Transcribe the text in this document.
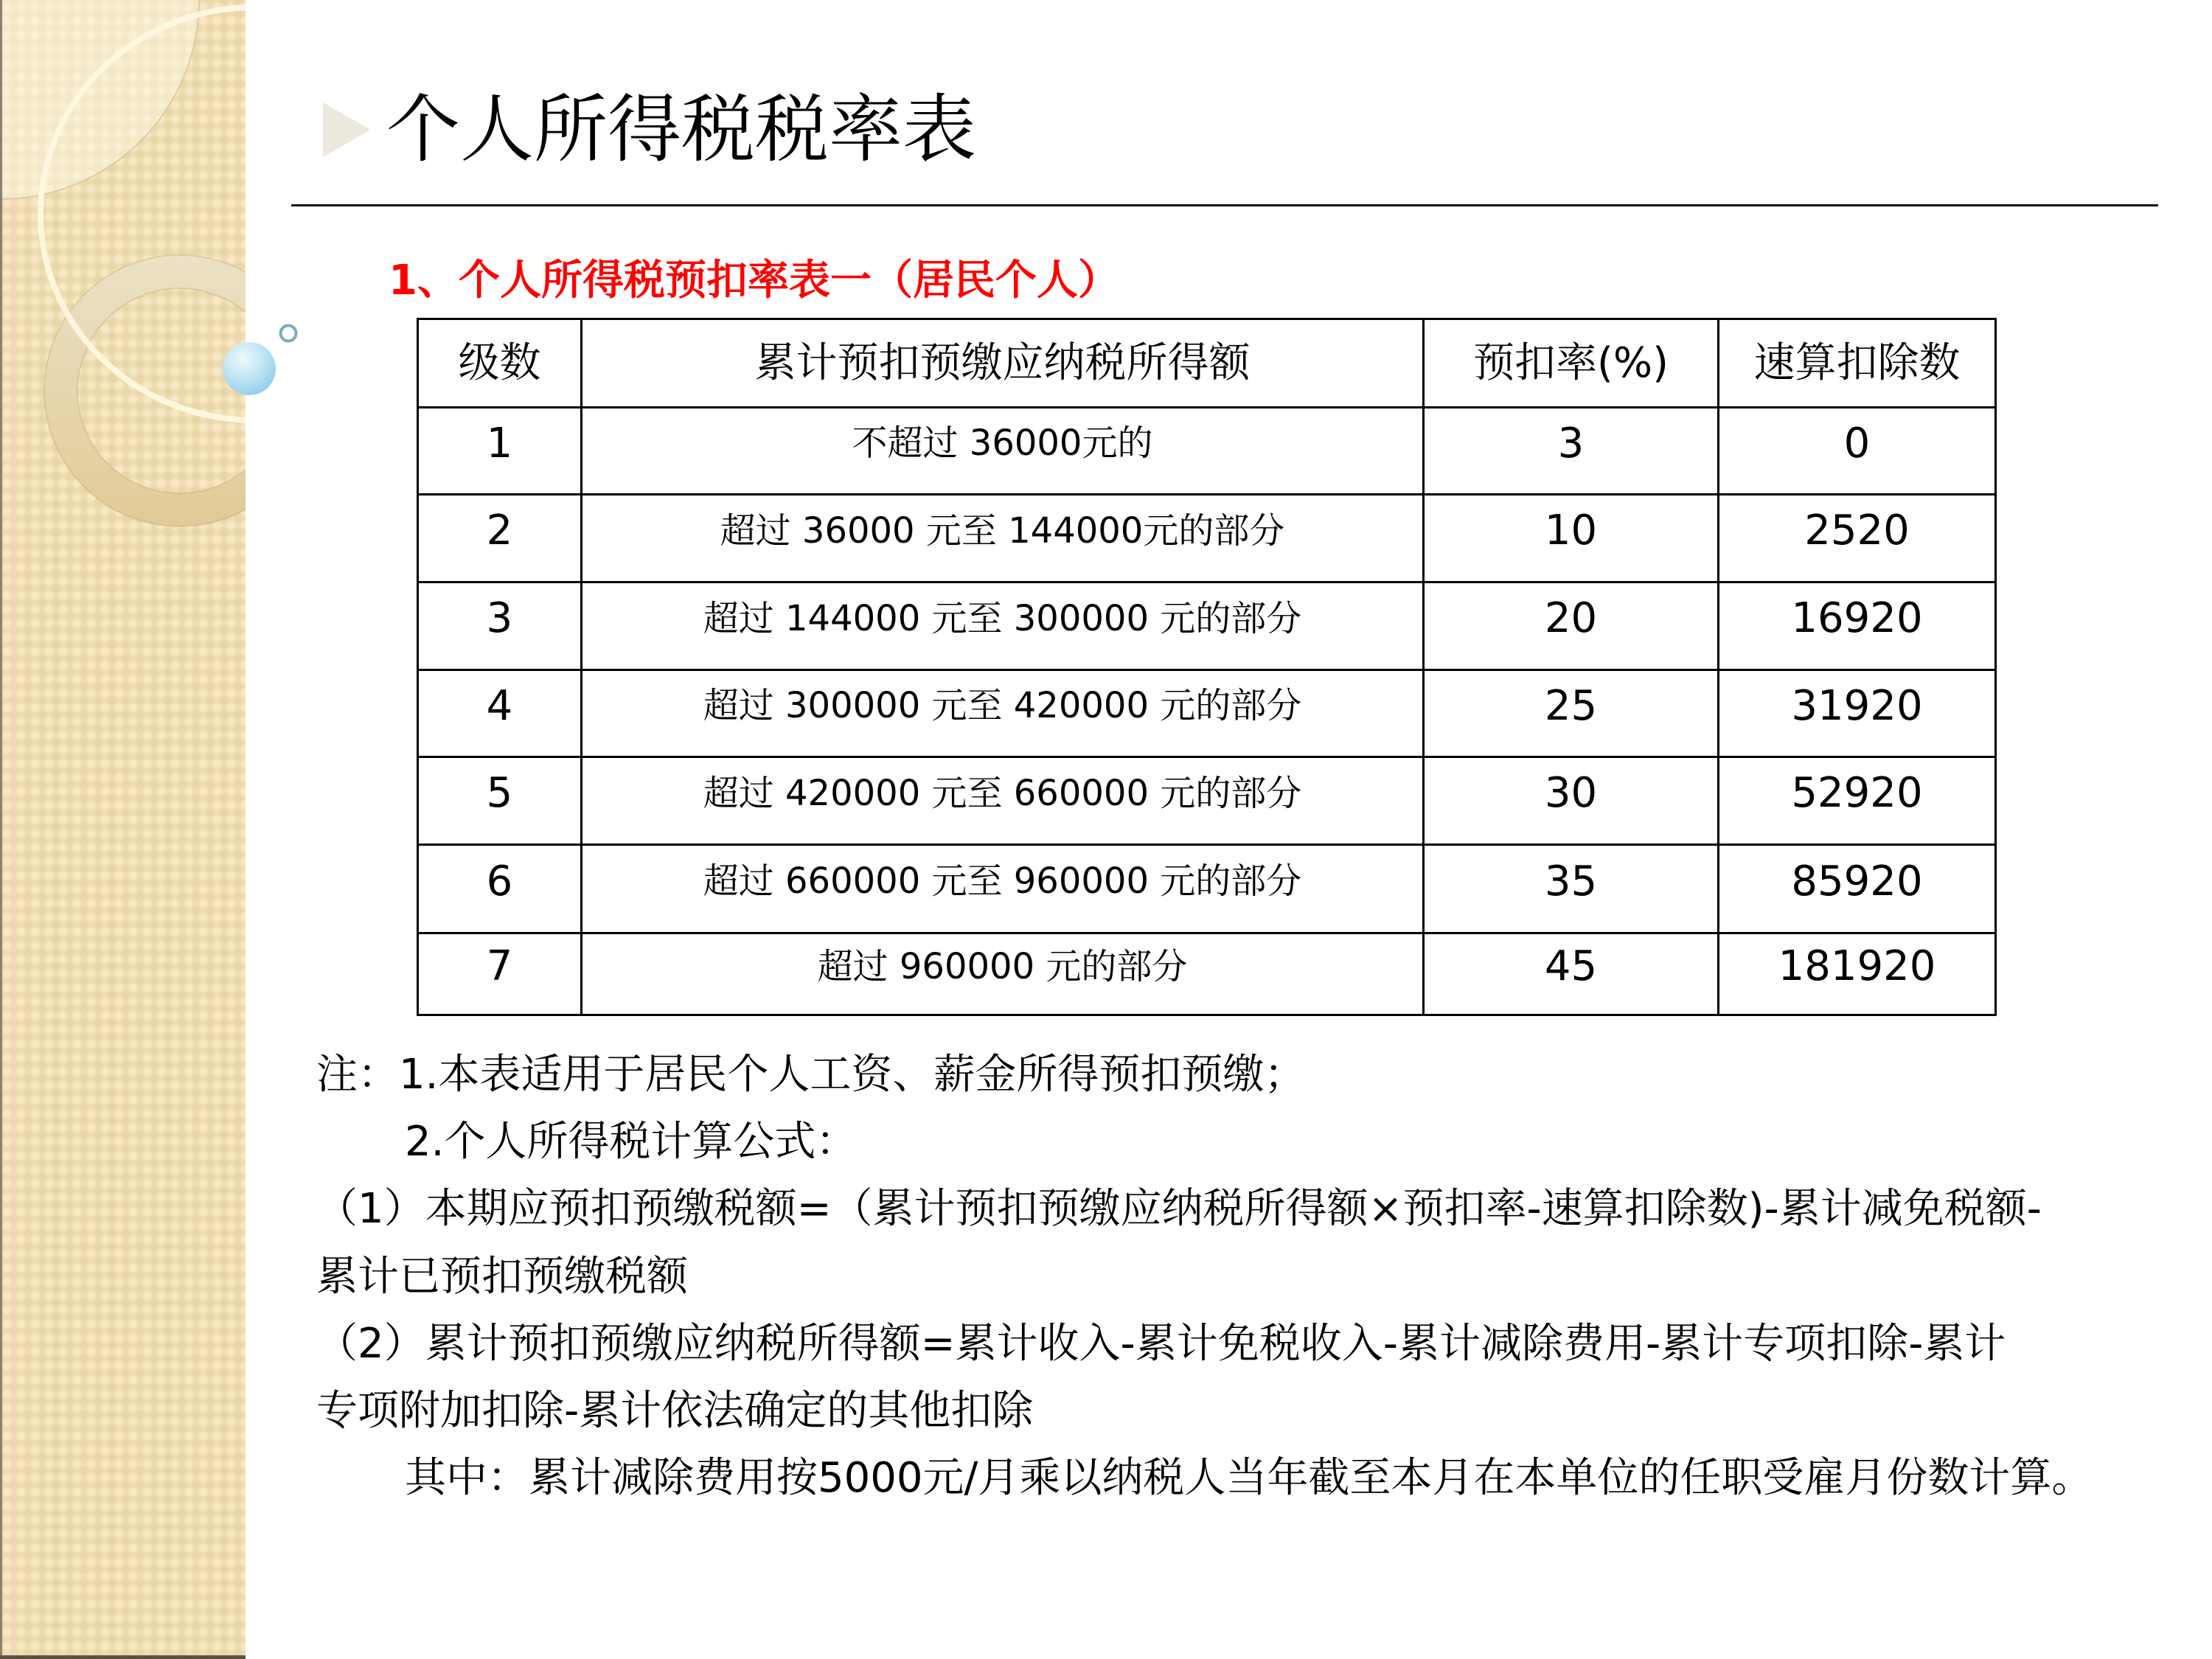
个人所得税税率表
1、个人所得税预扣率表一（居民个人）
级数	累计预扣预缴应纳税所得额	预扣率(%)	速算扣除数
1	不超过 36000元的	3	0
2	超过 36000 元至 144000元的部分	10	2520
3	超过 144000 元至 300000 元的部分	20	16920
4	超过 300000 元至 420000 元的部分	25	31920
5	超过 420000 元至 660000 元的部分	30	52920
6	超过 660000 元至 960000 元的部分	35	85920
7	超过 960000 元的部分	45	181920
注：1.本表适用于居民个人工资、薪金所得预扣预缴；
2.个人所得税计算公式：
（1）本期应预扣预缴税额=（累计预扣预缴应纳税所得额×预扣率-速算扣除数)-累计减免税额-
累计已预扣预缴税额
（2）累计预扣预缴应纳税所得额=累计收入-累计免税收入-累计减除费用-累计专项扣除-累计
专项附加扣除-累计依法确定的其他扣除
其中：累计减除费用按5000元/月乘以纳税人当年截至本月在本单位的任职受雇月份数计算。
